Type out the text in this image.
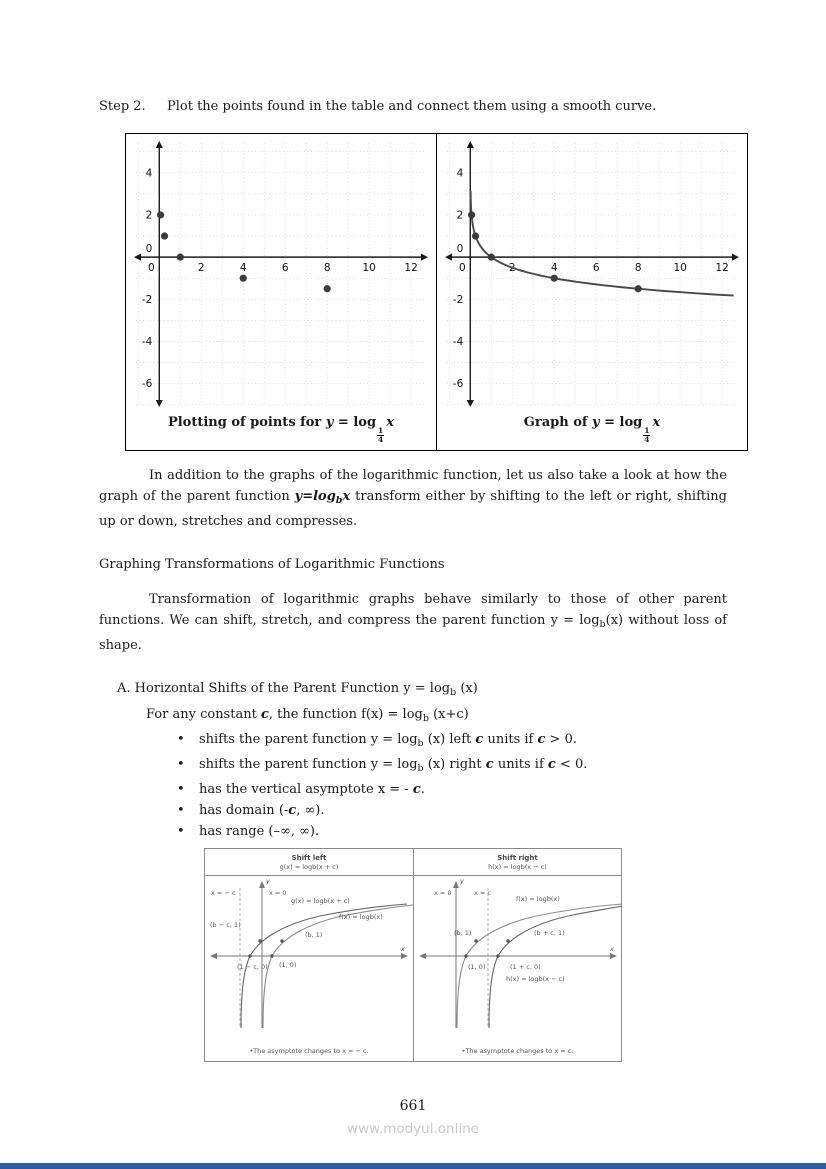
Step 2.	Plot the points found in the table and connect them using a smooth curve.
0	2	4	6	8	10	12
4
2
0
-2
-4
-6
Plotting of points for y = log
$\frac{1}{4}$
x
0	2	4	6	8	10	12
4
2
0
-2
-4
-6
Graph of y = log
$\frac{1}{4}$
x

In addition to the graphs of the logarithmic function, let us also take a look at how the graph of the parent function $y=\log_bx$ transform either by shifting to the left or right, shifting up or down, stretches and compresses.

Graphing Transformations of Logarithmic Functions

Transformation of logarithmic graphs behave similarly to those of other parent functions. We can shift, stretch, and compress the parent function $y = \log_b(x)$ without loss of shape.

A. Horizontal Shifts of the Parent Function $y = \log_b (x)$

For any constant c, the function $f(x) = \log_b (x+c)$

• shifts the parent function $y = \log_b (x)$ left c units if c > 0.
• shifts the parent function $y = \log_b (x)$ right c units if c < 0.
• has the vertical asymptote x = - c.
• has domain (-c, ∞).
• has range (–∞, ∞).
Shift left
g(x) = logb(x + c)
y
x
x = − c	x = 0
g(x) = logb(x + c)
f(x) = logb(x)
(b − c, 1)
(b, 1)
(1 − c, 0) (1, 0)
•The asymptote changes to x = − c.
Shift right
h(x) = logb(x − c)
y
x
x = 0	x = c
f(x) = logb(x)
h(x) = logb(x − c)
(b, 1)	(b + c, 1)
(1, 0)	(1 + c, 0)
•The asymptote changes to x = c.
661
www.modyul.online
